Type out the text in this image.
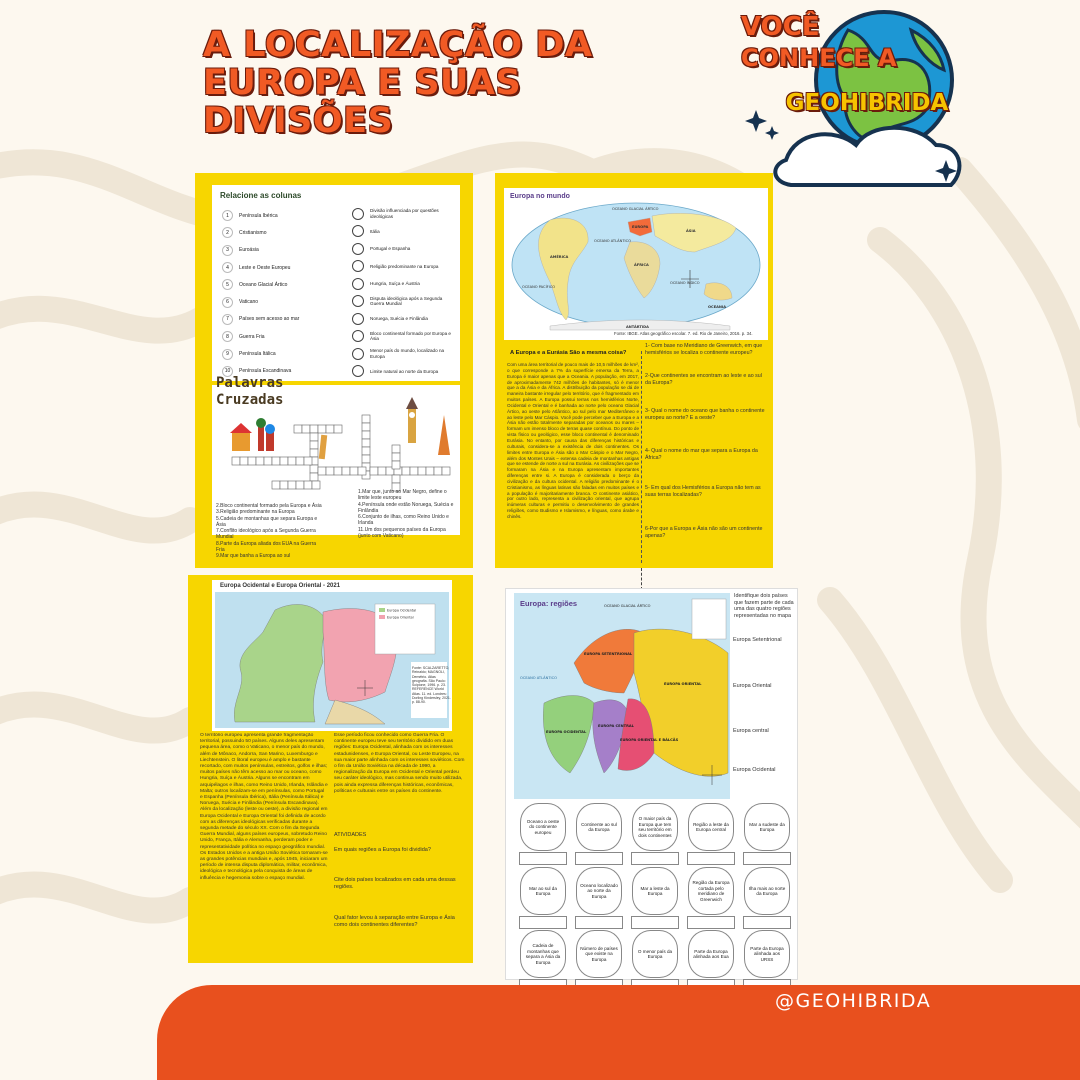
A LOCALIZAÇÃO DA
EUROPA E SUAS
DIVISÕES
VOCÊ
CONHECE A
GEOHIBRIDA
Relacione as colunas
1	Península Ibérica
2	Cristianismo
3	Euroásia
4	Leste e Oeste Europeu
5	Oceano Glacial Ártico
6	Vaticano
7	Países sem acesso ao mar
8	Guerra Fria
9	Península Itálica
10	Península Escandinava
Divisão influenciada por questões ideológicas
Itália
Portugal e Espanha
Religião predominante na Europa
Hungria, Suíça e Áustria
Disputa ideológica após a Segunda Guerra Mundial
Noruega, Suécia e Finlândia
Bloco continental formado por Europa e Ásia
Menor país do mundo, localizado na Europa
Limite natural ao norte da Europa
Palavras
Cruzadas
2.Bloco continental formado pela Europa e Ásia
3.Religião predominante na Europa
5.Cadeia de montanhas que separa Europa e Ásia
7.Conflito ideológico após a Segunda Guerra Mundial
8.Parte da Europa aliada dos EUA na Guerra Fria
9.Mar que banha a Europa ao sul
1.Mar que, junto ao Mar Negro, define o limite leste europeu
4.Península onde estão Noruega, Suécia e Finlândia
6.Conjunto de ilhas, como Reino Unido e Irlanda
11.Um dos pequenos países da Europa (junto com Vaticano)
Europa no mundo
OCEANO GLACIAL ÁRTICO
EUROPA
ÁSIA
AMÉRICA
ÁFRICA
OCEANO ATLÂNTICO
OCEANO PACÍFICO
OCEANO ÍNDICO
OCEANIA
ANTÁRTIDA
Fonte: IBGE. Atlas geográfico escolar. 7. ed. Rio de Janeiro, 2016. p. 34.
A Europa e a Eurásia São a mesma coisa?
Com uma área territorial de pouco mais de 10,5 milhões de km², o que corresponde a 7% da superfície emersa da Terra, a Europa é maior apenas que a Oceania. A população, em 2017, de aproximadamente 742 milhões de habitantes, só é menor que a da Ásia e da África. A distribuição da população se dá de maneira bastante irregular pelo território, que é fragmentado em muitos países. A Europa possui terras nos hemisférios Norte, Ocidental e Oriental e é banhada ao norte pelo oceano Glacial Ártico, ao oeste pelo Atlântico, ao sul pelo mar Mediterrâneo e ao leste pelo Mar Cáspio. Você pode perceber que a Europa e a Ásia não estão totalmente separadas por oceanos ou mares – formam um imenso bloco de terras quase contínuo. Do ponto de vista físico ou geológico, esse bloco continental é denominado Eurásia. No entanto, por causa das diferenças históricas e culturais, considera-se a existência de dois continentes. Os limites entre Europa e Ásia são o Mar Cáspio e o Mar Negro, além dos Montes Urais – extensa cadeia de montanhas antigas que se estende de norte a sul na Eurásia. As civilizações que se formaram na Ásia e na Europa apresentam importantes diferenças entre si. A Europa é considerada o berço da civilização e da cultura ocidental. A religião predominante é o Cristianismo, as línguas latinas são faladas em muitos países e a população é majoritariamente branca. O continente asiático, por outro lado, representa a civilização oriental, que agrupa inúmeras culturas e permitiu o desenvolvimento de grandes religiões, como Budismo e Islamismo, e línguas, como árabe e chinês.
1- Com base no Meridiano de Greenwich, em que hemisférios se localiza o continente europeu?
2-Que continentes se encontram ao leste e ao sul da Europa?
3- Qual o nome do oceano que banha o continente europeu ao norte? E a oeste?
4- Qual o nome do mar que separa a Europa da África?
5- Em qual dos Hemisférios a Europa não tem as suas terras localizadas?
6-Por que a Europa e Ásia não são um continente apenas?
Europa Ocidental e Europa Oriental - 2021
Europa Ocidental
Europa Oriental
Fonte: SCALZARETTO, Reinaldo; MAGNOLI, Demétrio. Atlas geografia. São Paulo: Scipione, 1996. p. 23. REFERENCE World Atlas. 11. ed. Londres: Dorling Kindersley, 2021. p. 88-90.
O território europeu apresenta grande fragmentação territorial, possuindo 50 países. Alguns deles apresentam pequena área, como o Vaticano, o menor país do mundo, além de Mônaco, Andorra, San Marino, Luxemburgo e Liechtenstein. O litoral europeu é amplo e bastante recortado, com muitos penínsulas, estreitos, golfos e ilhas; muitos países não têm acesso ao mar ou oceano, como Hungria, Suíça e Áustria. Alguns se encontram em arquipélagos e ilhas, como Reino Unido, Irlanda, Islândia e Malta; outros localizam-se em penínsulas, como Portugal e Espanha (Península Ibérica), Itália (Península Itálica) e Noruega, Suécia e Finlândia (Península Escandinava). Além da localização (leste ou oeste), a divisão regional em Europa Ocidental e Europa Oriental foi definida de acordo com as diferenças ideológicas verificadas durante a segunda metade do século XX. Com o fim da Segunda Guerra Mundial, alguns países europeus, sobretudo Reino Unido, França, Itália e Alemanha, perderam poder e representatividade política no espaço geográfico mundial. Os Estados Unidos e a antiga União Soviética tornaram-se as grandes potências mundiais e, após 1945, iniciaram um período de intensa disputa diplomática, militar, econômica, ideológica e tecnológica pela conquista de áreas de influência e hegemonia sobre o espaço mundial.
Esse período ficou conhecido como Guerra Fria. O continente europeu teve seu território dividido em duas regiões: Europa Ocidental, alinhada com os interesses estadunidenses, e Europa Oriental, ou Leste Europeu, na sua maior parte alinhada com os interesses soviéticos. Com o fim da União Soviética na década de 1990, a regionalização da Europa em Ocidental e Oriental perdeu seu caráter ideológico, mas continua sendo muito utilizada, pois ainda expressa diferenças históricas, econômicas, políticas e culturais entre os países do continente.
ATIVIDADES
Em quais regiões a Europa foi dividida?
Cite dois países localizados em cada uma dessas regiões.
Qual fator levou à separação entre Europa e Ásia como dois continentes diferentes?
Europa: regiões	OCEANO GLACIAL ÁRTICO
OCEANO ATLÂNTICO
EUROPA SETENTRIONAL
EUROPA ORIENTAL
EUROPA OCIDENTAL
EUROPA CENTRAL
EUROPA ORIENTAL E BÁLCÃS
Identifique dois países que fazem parte de cada uma das quatro regiões representadas no mapa
Europa Setentrional
Europa Oriental
Europa central
Europa Ocidental
Oceano a oeste do continente europeu
Continente ao sul da Europa
O maior país da Europa que tem seu território em dois continentes
Região a leste da Europa central
Mar a sudeste da Europa
Mar ao sul da Europa
Oceano localizado ao norte da Europa
Mar a leste da Europa
Região da Europa cortada pelo meridiano de Greenwich
Ilha mais ao norte da Europa
Cadeia de montanhas que separa a Ásia da Europa
Número de países que existe na Europa
O menor país da Europa
Parte da Europa alinhada aos Eua
Parte da Europa alinhada aos URSS
@GEOHIBRIDA
